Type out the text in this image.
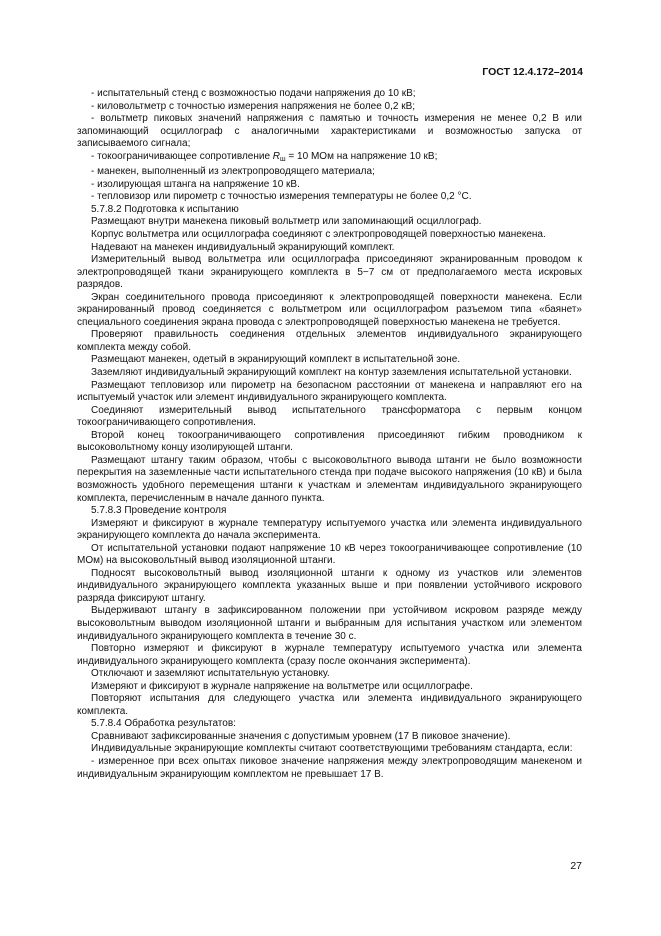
ГОСТ 12.4.172–2014

- испытательный стенд с возможностью подачи напряжения до 10 кВ;

- киловольтметр с точностью измерения напряжения не более 0,2 кВ;

- вольтметр пиковых значений напряжения с памятью и точность измерения не менее 0,2 В или запоминающий осциллограф с аналогичными характеристиками и возможностью запуска от записываемого сигнала;

- токоограничивающее сопротивление $R_ш = 10$ МОм на напряжение 10 кВ;

- манекен, выполненный из электропроводящего материала;

- изолирующая штанга на напряжение 10 кВ.

- тепловизор или пирометр с точностью измерения температуры не более 0,2 °С.

5.7.8.2 Подготовка к испытанию

Размещают внутри манекена пиковый вольтметр или запоминающий осциллограф.

Корпус вольтметра или осциллографа соединяют с электропроводящей поверхностью манекена.

Надевают на манекен индивидуальный экранирующий комплект.

Измерительный вывод вольтметра или осциллографа присоединяют экранированным проводом к электропроводящей ткани экранирующего комплекта в 5−7 см от предполагаемого места искровых разрядов.

Экран соединительного провода присоединяют к электропроводящей поверхности манекена. Если экранированный провод соединяется с вольтметром или осциллографом разъемом типа «баянет» специального соединения экрана провода с электропроводящей поверхностью манекена не требуется.

Проверяют правильность соединения отдельных элементов индивидуального экранирующего комплекта между собой.

Размещают манекен, одетый в экранирующий комплект в испытательной зоне.

Заземляют индивидуальный экранирующий комплект на контур заземления испытательной установки.

Размещают тепловизор или пирометр на безопасном расстоянии от манекена и направляют его на испытуемый участок или элемент индивидуального экранирующего комплекта.

Соединяют измерительный вывод испытательного трансформатора с первым концом токоограничивающего сопротивления.

Второй конец токоограничивающего сопротивления присоединяют гибким проводником к высоковольтному концу изолирующей штанги.

Размещают штангу таким образом, чтобы с высоковольтного вывода штанги не было возможности перекрытия на заземленные части испытательного стенда при подаче высокого напряжения (10 кВ) и была возможность удобного перемещения штанги к участкам и элементам индивидуального экранирующего комплекта, перечисленным в начале данного пункта.

5.7.8.3 Проведение контроля

Измеряют и фиксируют в журнале температуру испытуемого участка или элемента индивидуального экранирующего комплекта до начала эксперимента.

От испытательной установки подают напряжение 10 кВ через токоограничивающее сопротивление (10 МОм) на высоковольтный вывод изоляционной штанги.

Подносят высоковольтный вывод изоляционной штанги к одному из участков или элементов индивидуального экранирующего комплекта указанных выше и при появлении устойчивого искрового разряда фиксируют штангу.

Выдерживают штангу в зафиксированном положении при устойчивом искровом разряде между высоковольтным выводом изоляционной штанги и выбранным для испытания участком или элементом индивидуального экранирующего комплекта в течение 30 с.

Повторно измеряют и фиксируют в журнале температуру испытуемого участка или элемента индивидуального экранирующего комплекта (сразу после окончания эксперимента).

Отключают и заземляют испытательную установку.

Измеряют и фиксируют в журнале напряжение на вольтметре или осциллографе.

Повторяют испытания для следующего участка или элемента индивидуального экранирующего комплекта.

5.7.8.4 Обработка результатов:

Сравнивают зафиксированные значения с допустимым уровнем (17 В пиковое значение).

Индивидуальные экранирующие комплекты считают соответствующими требованиям стандарта, если:

- измеренное при всех опытах пиковое значение напряжения между электропроводящим манекеном и индивидуальным экранирующим комплектом не превышает 17 В.

27
